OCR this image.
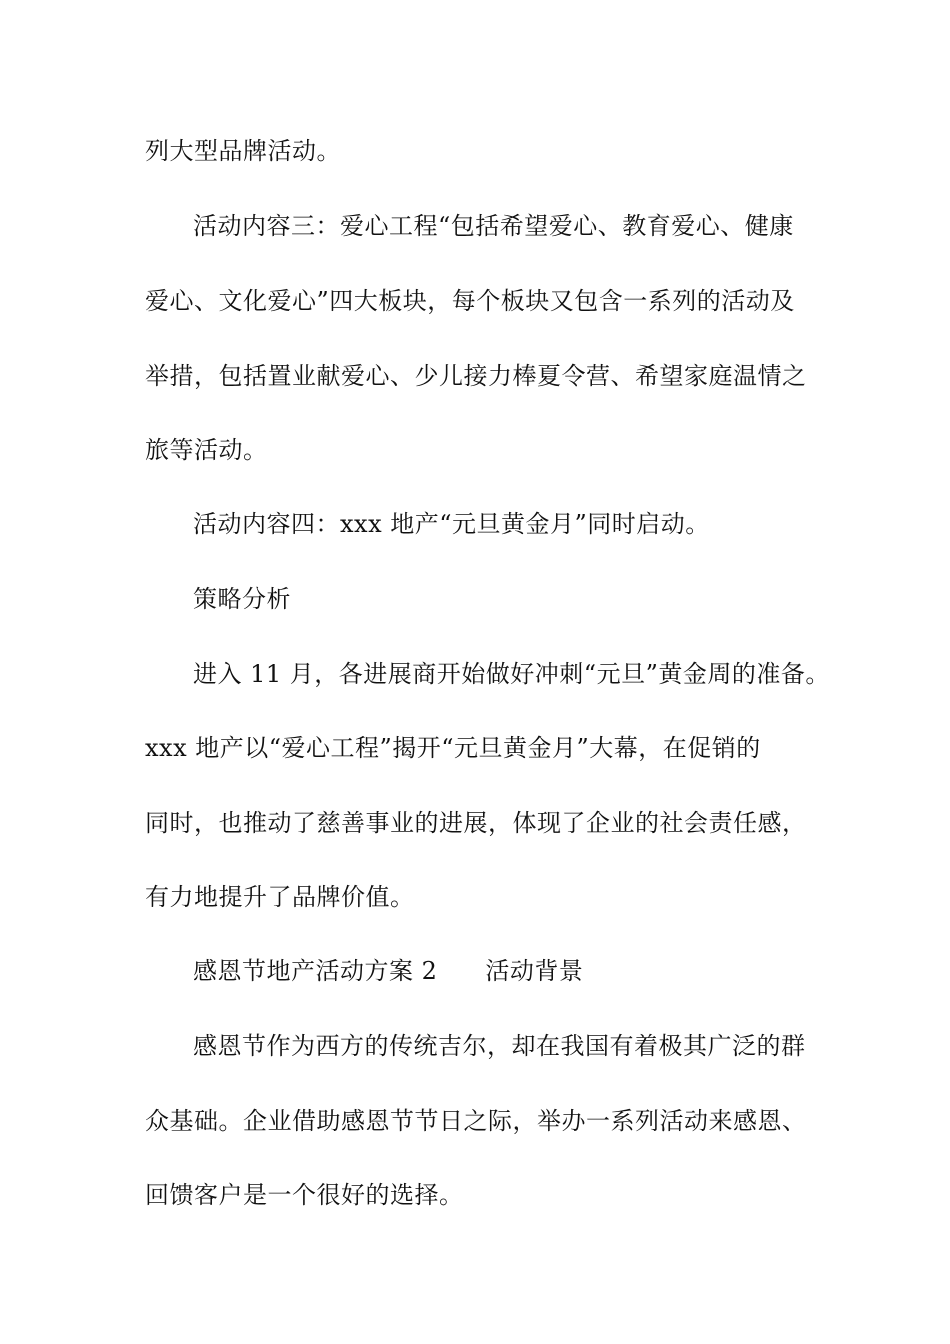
列大型品牌活动。
活动内容三：爱心工程“包括希望爱心、教育爱心、健康
爱心、文化爱心”四大板块，每个板块又包含一系列的活动及
举措，包括置业献爱心、少儿接力棒夏令营、希望家庭温情之
旅等活动。
活动内容四：xxx 地产“元旦黄金月”同时启动。
策略分析
进入 11 月，各进展商开始做好冲刺“元旦”黄金周的准备。
xxx 地产以“爱心工程”揭开“元旦黄金月”大幕，在促销的
同时，也推动了慈善事业的进展，体现了企业的社会责任感，
有力地提升了品牌价值。
感恩节地产活动方案 2 活动背景
感恩节作为西方的传统吉尔，却在我国有着极其广泛的群
众基础。企业借助感恩节节日之际，举办一系列活动来感恩、
回馈客户是一个很好的选择。
